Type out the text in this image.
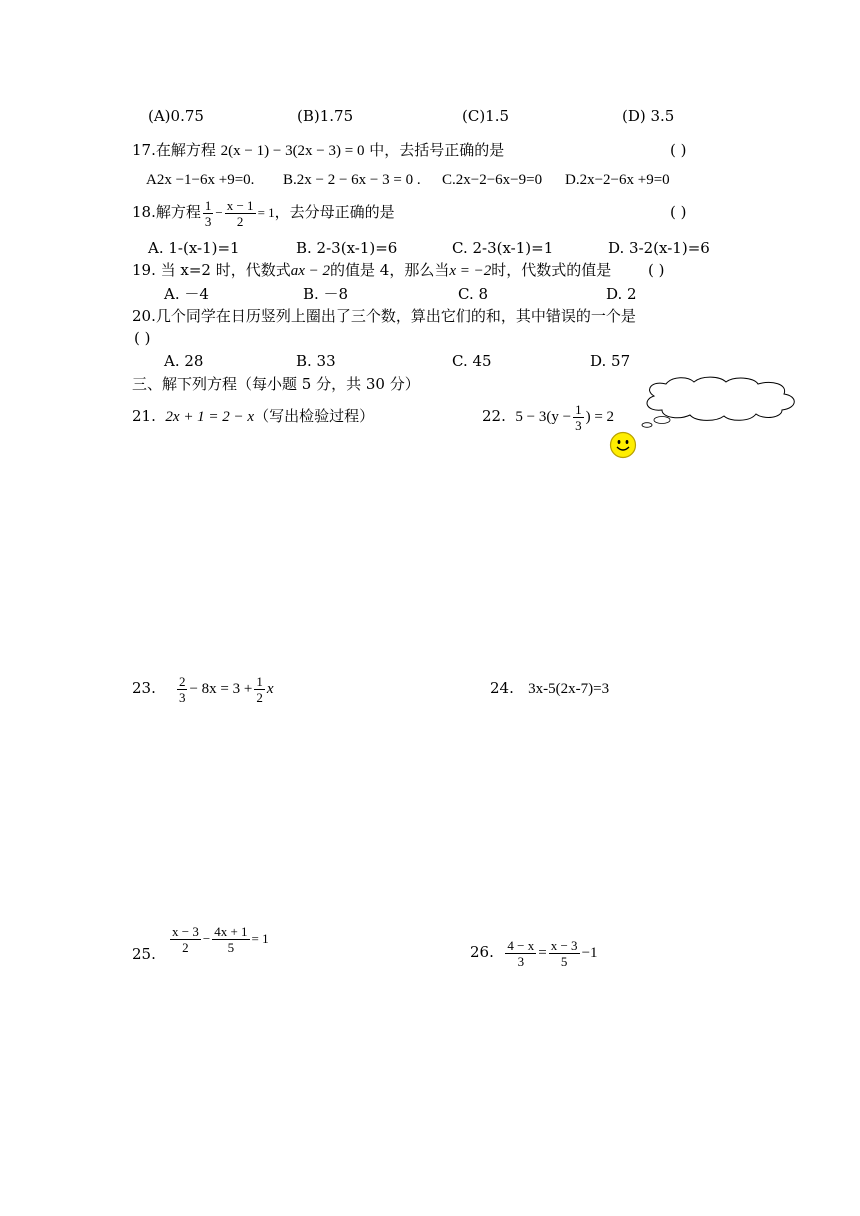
(A)0.75	(B)1.75	(C)1.5	(D) 3.5
17.在解方程 2(x − 1) − 3(2x − 3) = 0 中，去括号正确的是	( )
A2x −1−6x +9=0. B.2x − 2 − 6x − 3 = 0 . C.2x−2−6x−9=0 D.2x−2−6x +9=0
18.解方程 $\frac{1}{3} - \frac{x - 1}{2} = 1$，去分母正确的是	( )
A. 1-(x-1)=1	B. 2-3(x-1)=6	C. 2-3(x-1)=1	D. 3-2(x-1)=6
19. 当 x=2 时，代数式ax − 2的值是 4，那么当x = −2时，代数式的值是 ( )
A. －4	B. －8	C. 8	D. 2
20.几个同学在日历竖列上圈出了三个数，算出它们的和，其中错误的一个是
( )
A. 28	B. 33	C. 45	D. 57
三、解下列方程（每小题 5 分，共 30 分）
21. 2x + 1 = 2 − x（写出检验过程）	22. $5 - 3(y - \frac{1}{3}$ ) = 2
23. $\frac{2}{3} - 8x = 3 + \frac{1}{2}$ x	24. 3x-5(2x-7)=3
25. $\frac{x - 3}{2} - \frac{4x + 1}{5} = 1$
26. $\frac{4 - x}{3} = \frac{x - 3}{5} -1$
